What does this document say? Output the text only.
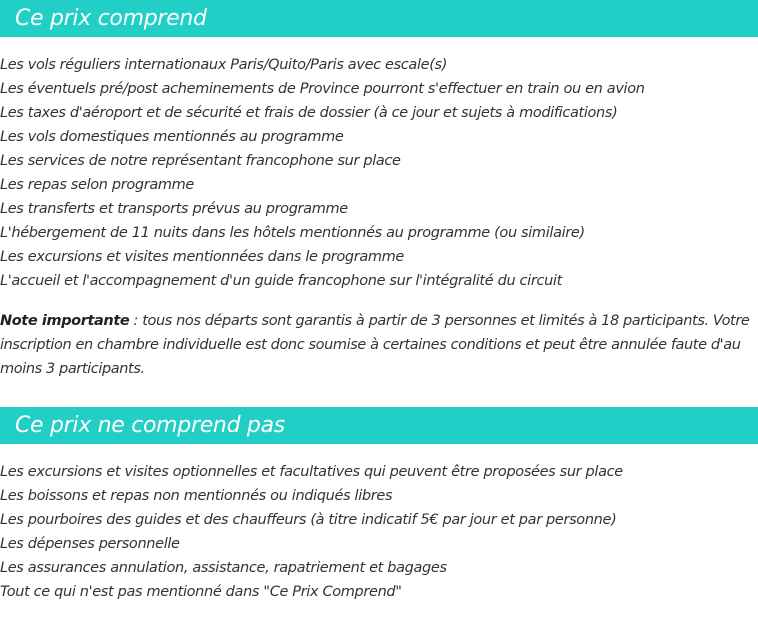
Ce prix comprend
Les vols réguliers internationaux Paris/Quito/Paris avec escale(s)
Les éventuels pré/post acheminements de Province pourront s'effectuer en train ou en avion
Les taxes d'aéroport et de sécurité et frais de dossier (à ce jour et sujets à modifications)
Les vols domestiques mentionnés au programme
Les services de notre représentant francophone sur place
Les repas selon programme
Les transferts et transports prévus au programme
L'hébergement de 11 nuits dans les hôtels mentionnés au programme (ou similaire)
Les excursions et visites mentionnées dans le programme
L'accueil et l'accompagnement d'un guide francophone sur l'intégralité du circuit

Note importante : tous nos départs sont garantis à partir de 3 personnes et limités à 18 participants. Votre inscription en chambre individuelle est donc soumise à certaines conditions et peut être annulée faute d'au moins 3 participants.

Ce prix ne comprend pas
Les excursions et visites optionnelles et facultatives qui peuvent être proposées sur place
Les boissons et repas non mentionnés ou indiqués libres
Les pourboires des guides et des chauffeurs (à titre indicatif 5€ par jour et par personne)
Les dépenses personnelle
Les assurances annulation, assistance, rapatriement et bagages
Tout ce qui n'est pas mentionné dans "Ce Prix Comprend"
